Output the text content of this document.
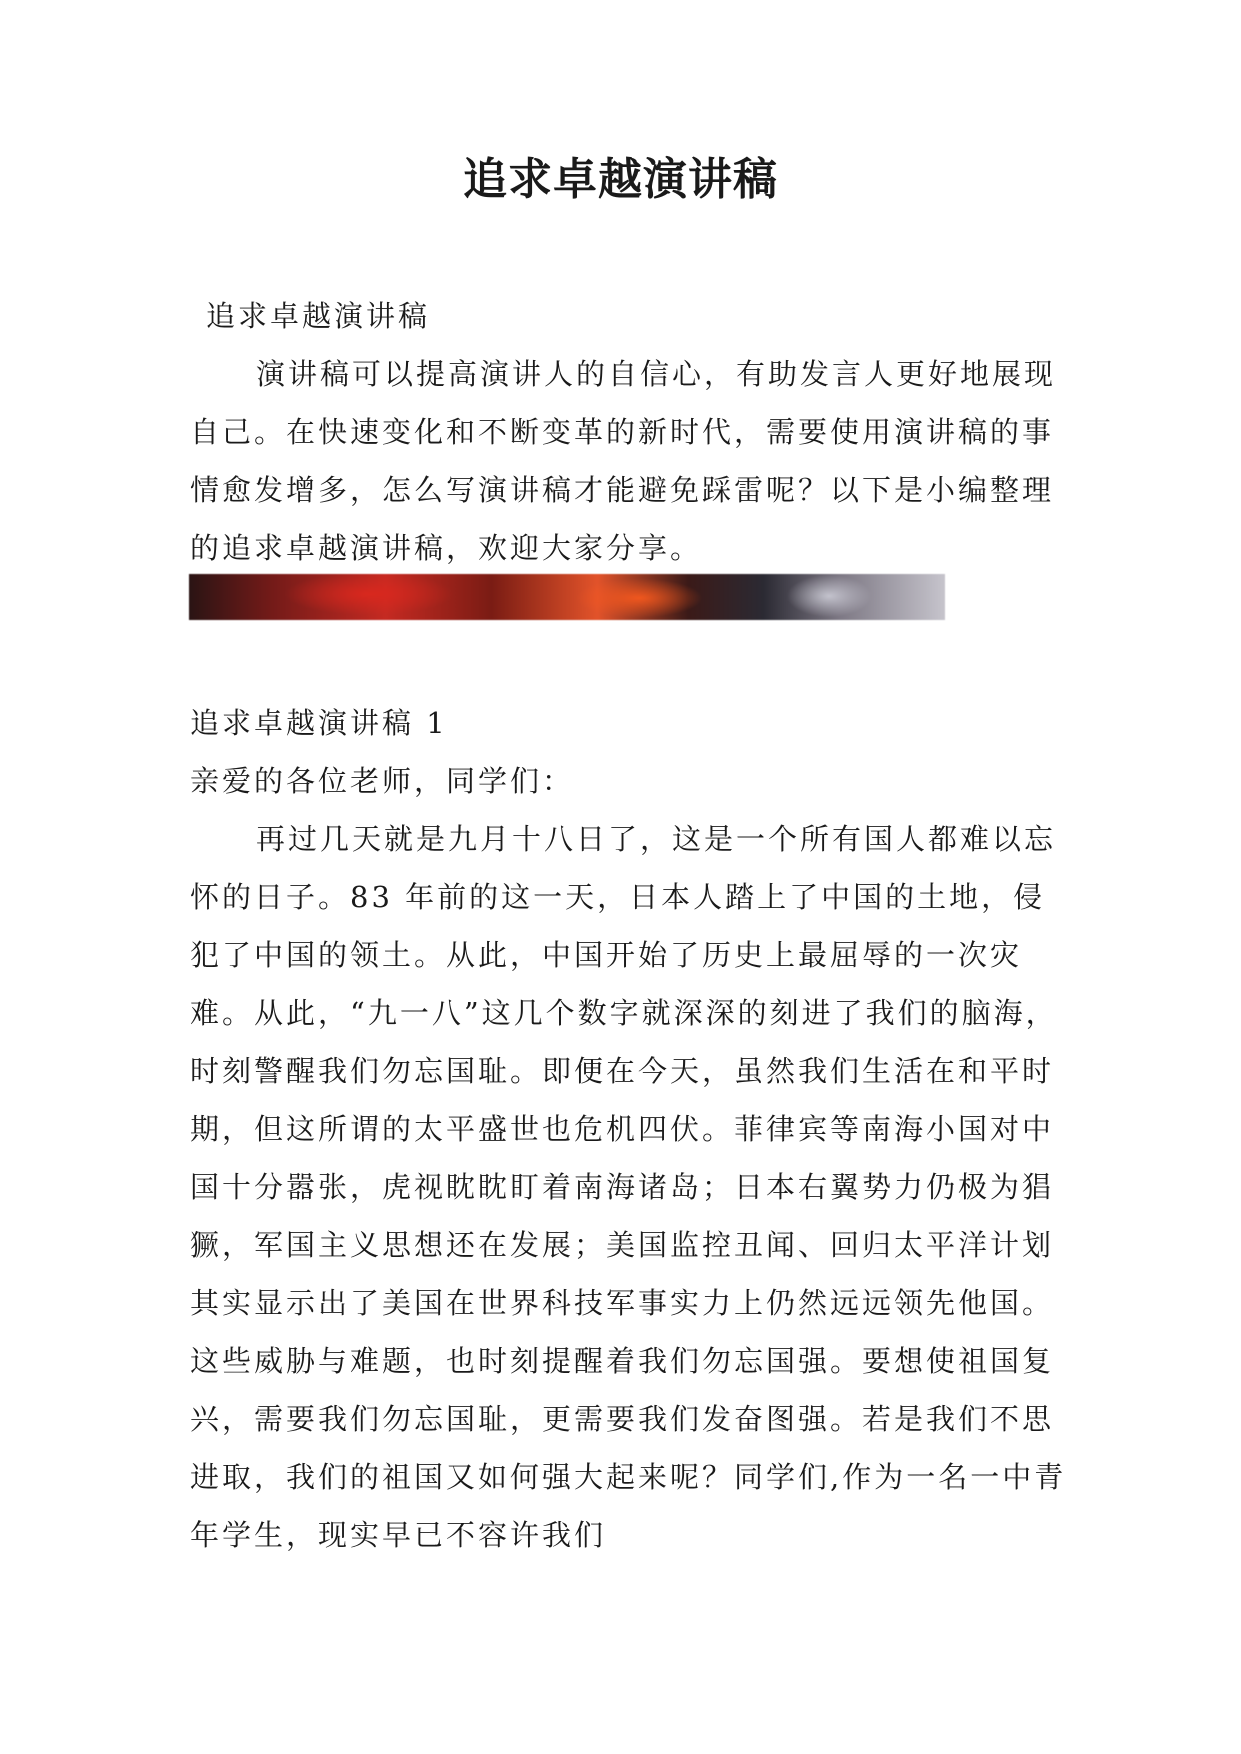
追求卓越演讲稿
追求卓越演讲稿

演讲稿可以提高演讲人的自信心，有助发言人更好地展现自己。在快速变化和不断变革的新时代，需要使用演讲稿的事情愈发增多，怎么写演讲稿才能避免踩雷呢？以下是小编整理的追求卓越演讲稿，欢迎大家分享。

追求卓越演讲稿 1
亲爱的各位老师，同学们：

再过几天就是九月十八日了，这是一个所有国人都难以忘怀的日子。83 年前的这一天，日本人踏上了中国的土地，侵犯了中国的领土。从此，中国开始了历史上最屈辱的一次灾难。从此，“九一八”这几个数字就深深的刻进了我们的脑海，时刻警醒我们勿忘国耻。即便在今天，虽然我们生活在和平时期，但这所谓的太平盛世也危机四伏。菲律宾等南海小国对中国十分嚣张，虎视眈眈盯着南海诸岛；日本右翼势力仍极为猖獗，军国主义思想还在发展；美国监控丑闻、回归太平洋计划其实显示出了美国在世界科技军事实力上仍然远远领先他国。这些威胁与难题，也时刻提醒着我们勿忘国强。要想使祖国复兴，需要我们勿忘国耻，更需要我们发奋图强。若是我们不思进取，我们的祖国又如何强大起来呢？同学们,作为一名一中青年学生，现实早已不容许我们
